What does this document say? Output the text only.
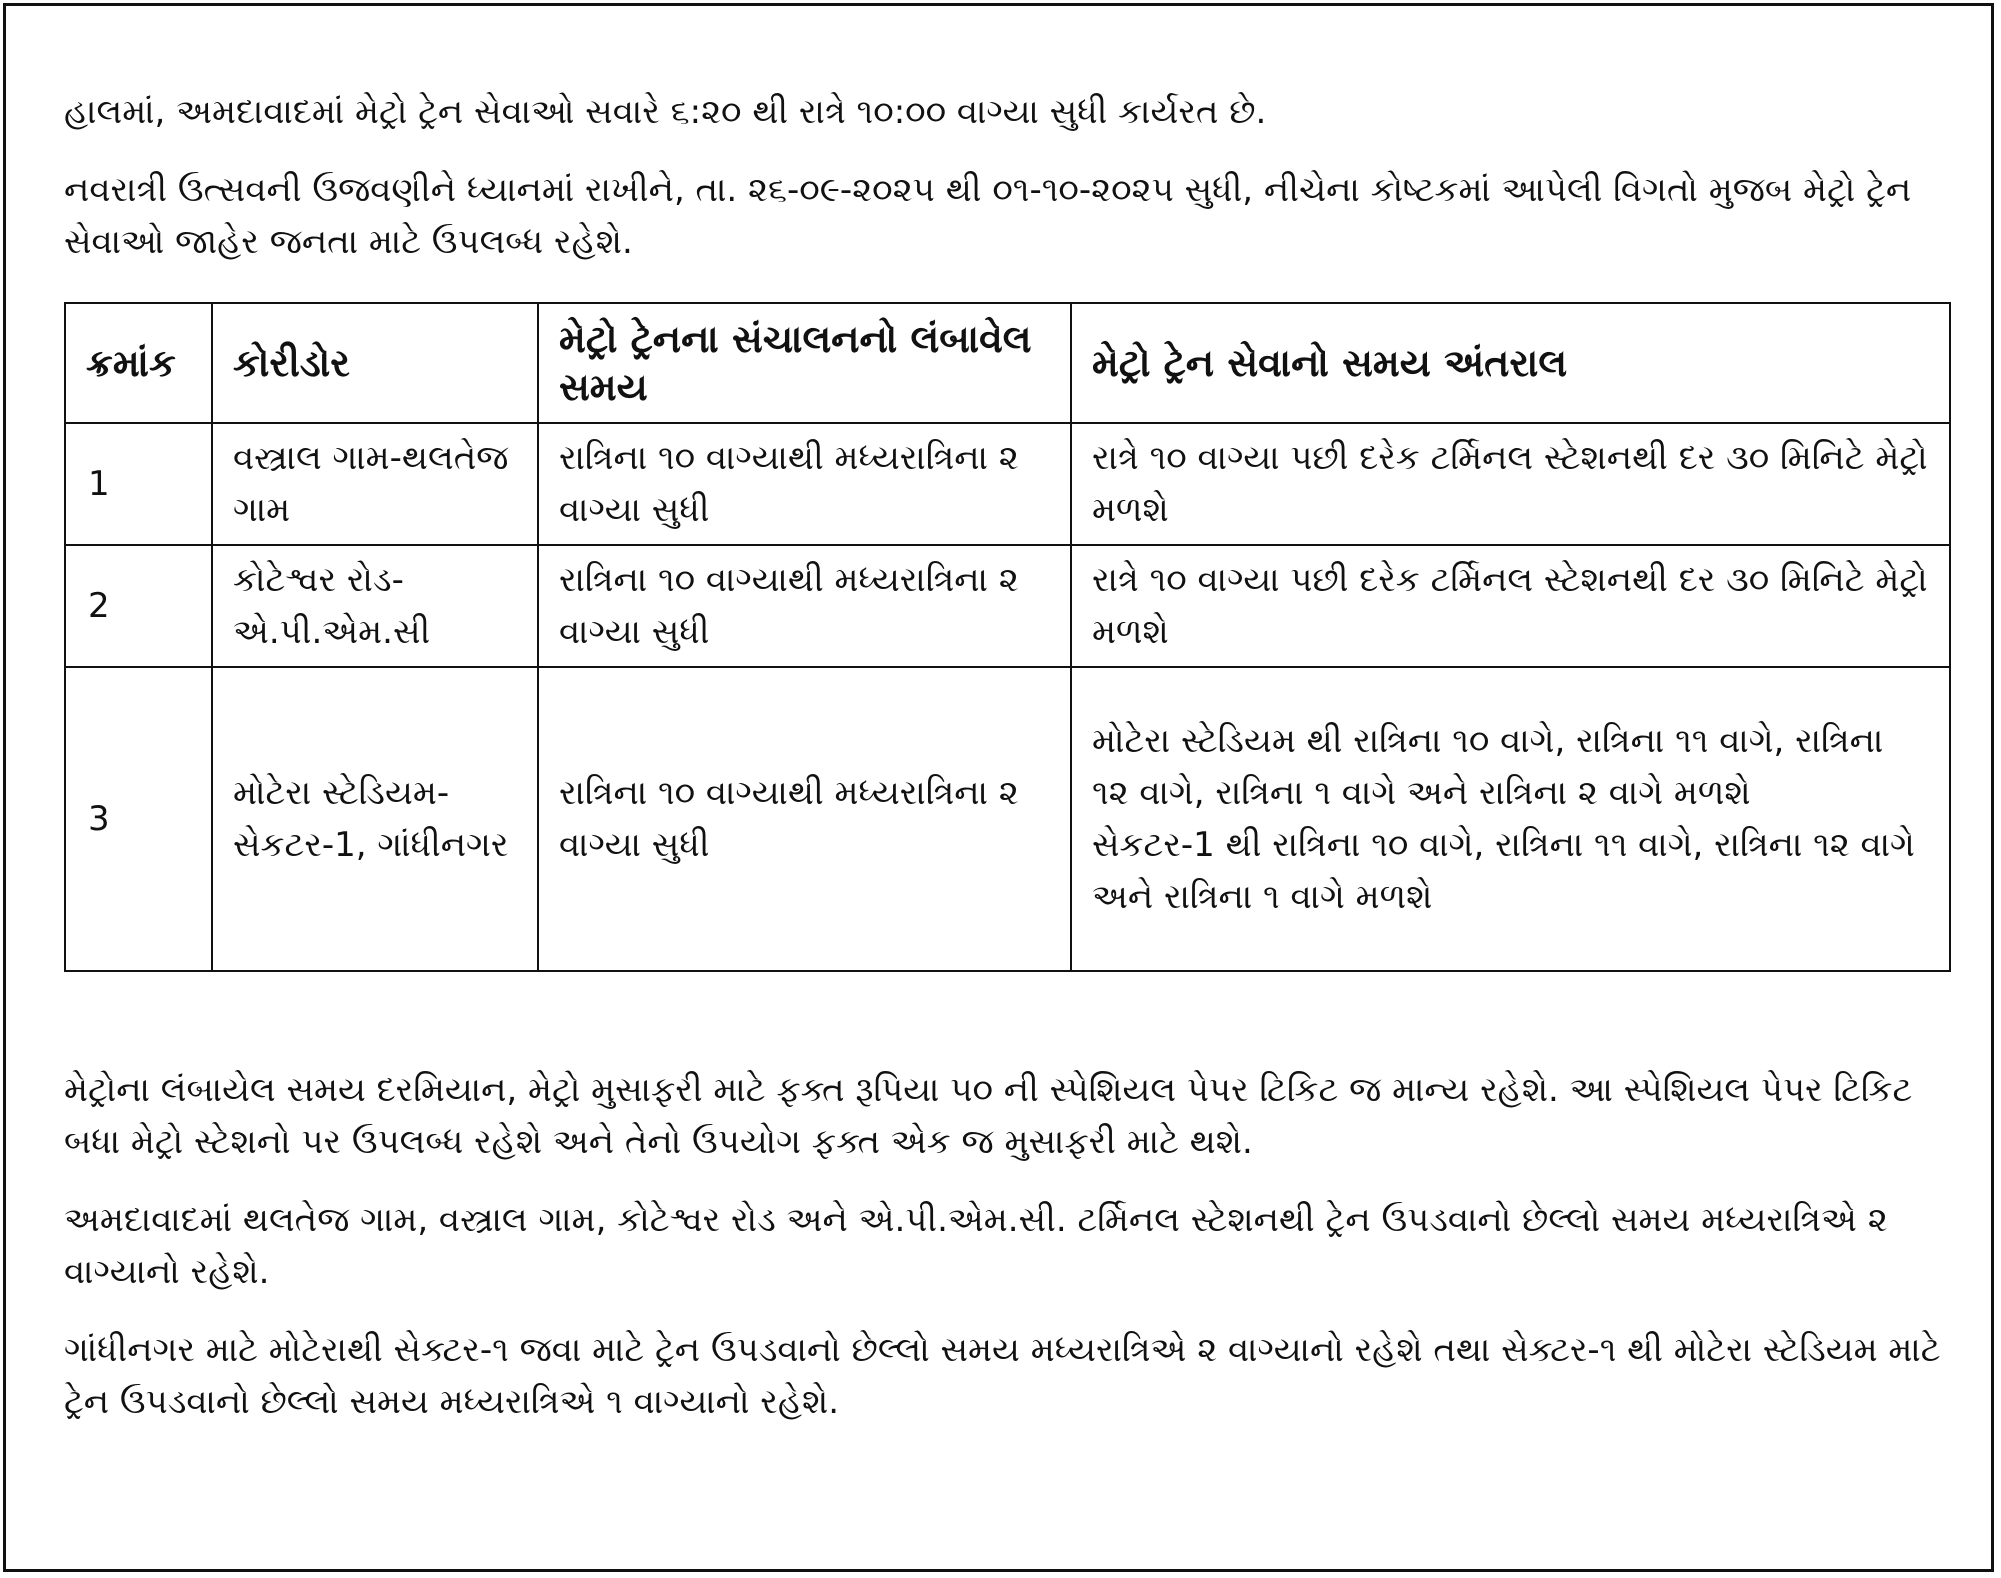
હાલમાં, અમદાવાદમાં મેટ્રો ટ્રેન સેવાઓ સવારે ૬:૨૦ થી રાત્રે ૧૦:૦૦ વાગ્યા સુધી કાર્યરત છે.

નવરાત્રી ઉત્સવની ઉજવણીને ધ્યાનમાં રાખીને, તા. ૨૬-૦૯-૨૦૨૫ થી ૦૧-૧૦-૨૦૨૫ સુધી, નીચેના કોષ્ટકમાં આપેલી વિગતો મુજબ મેટ્રો ટ્રેન સેવાઓ જાહેર જનતા માટે ઉપલબ્ધ રહેશે.

ક્રમાંક	કોરીડોર	મેટ્રો ટ્રેનના સંચાલનનો લંબાવેલ સમય	મેટ્રો ટ્રેન સેવાનો સમય અંતરાલ
1	વસ્ત્રાલ ગામ-થલતેજ ગામ	રાત્રિના ૧૦ વાગ્યાથી મધ્યરાત્રિના ૨ વાગ્યા સુધી	રાત્રે ૧૦ વાગ્યા પછી દરેક ટર્મિનલ સ્ટેશનથી દર ૩૦ મિનિટે મેટ્રો મળશે

2	કોટેશ્વર રોડ-એ.પી.એમ.સી	રાત્રિના ૧૦ વાગ્યાથી મધ્યરાત્રિના ૨ વાગ્યા સુધી	રાત્રે ૧૦ વાગ્યા પછી દરેક ટર્મિનલ સ્ટેશનથી દર ૩૦ મિનિટે મેટ્રો મળશે

3	મોટેરા સ્ટેડિયમ-સેકટર-1, ગાંધીનગર	રાત્રિના ૧૦ વાગ્યાથી મધ્યરાત્રિના ૨ વાગ્યા સુધી	મોટેરા સ્ટેડિયમ થી રાત્રિના ૧૦ વાગે, રાત્રિના ૧૧ વાગે, રાત્રિના ૧૨ વાગે, રાત્રિના ૧ વાગે અને રાત્રિના ૨ વાગે મળશે
સેકટર-1 થી રાત્રિના ૧૦ વાગે, રાત્રિના ૧૧ વાગે, રાત્રિના ૧૨ વાગે અને રાત્રિના ૧ વાગે મળશે

મેટ્રોના લંબાયેલ સમય દરમિયાન, મેટ્રો મુસાફરી માટે ફક્ત રૂપિયા ૫૦ ની સ્પેશિયલ પેપર ટિકિટ જ માન્ય રહેશે. આ સ્પેશિયલ પેપર ટિકિટ બધા મેટ્રો સ્ટેશનો પર ઉપલબ્ધ રહેશે અને તેનો ઉપયોગ ફક્ત એક જ મુસાફરી માટે થશે.

અમદાવાદમાં થલતેજ ગામ, વસ્ત્રાલ ગામ, કોટેશ્વર રોડ અને એ.પી.એમ.સી. ટર્મિનલ સ્ટેશનથી ટ્રેન ઉપડવાનો છેલ્લો સમય મધ્યરાત્રિએ ૨ વાગ્યાનો રહેશે.

ગાંધીનગર માટે મોટેરાથી સેક્ટર-૧ જવા માટે ટ્રેન ઉપડવાનો છેલ્લો સમય મધ્યરાત્રિએ ૨ વાગ્યાનો રહેશે તથા સેક્ટર-૧ થી મોટેરા સ્ટેડિયમ માટે ટ્રેન ઉપડવાનો છેલ્લો સમય મધ્યરાત્રિએ ૧ વાગ્યાનો રહેશે.
